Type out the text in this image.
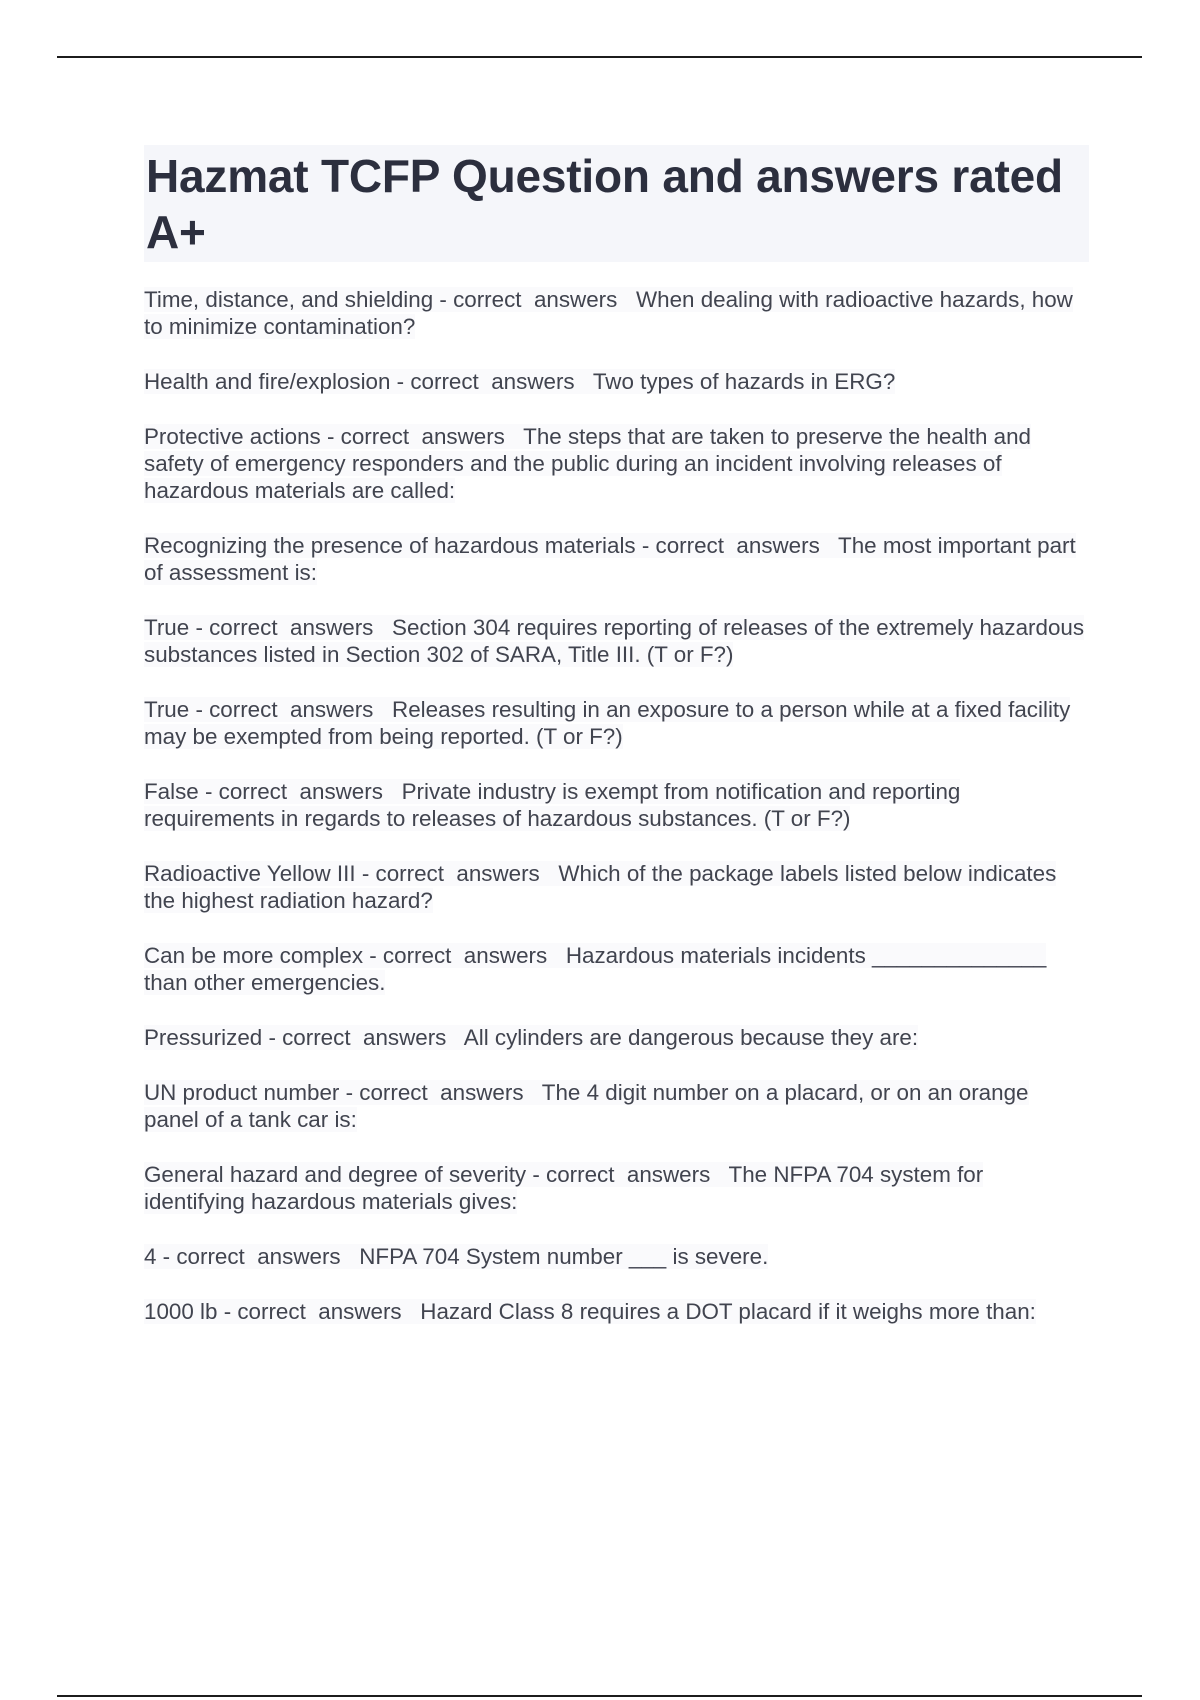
Hazmat TCFP Question and answers rated A+
Time, distance, and shielding - correct  answers   When dealing with radioactive hazards, how to minimize contamination?
Health and fire/explosion - correct  answers   Two types of hazards in ERG?
Protective actions - correct  answers   The steps that are taken to preserve the health and safety of emergency responders and the public during an incident involving releases of hazardous materials are called:
Recognizing the presence of hazardous materials - correct  answers   The most important part of assessment is:
True - correct  answers   Section 304 requires reporting of releases of the extremely hazardous substances listed in Section 302 of SARA, Title III. (T or F?)
True - correct  answers   Releases resulting in an exposure to a person while at a fixed facility may be exempted from being reported. (T or F?)
False - correct  answers   Private industry is exempt from notification and reporting requirements in regards to releases of hazardous substances. (T or F?)
Radioactive Yellow III - correct  answers   Which of the package labels listed below indicates the highest radiation hazard?
Can be more complex - correct  answers   Hazardous materials incidents ______________ than other emergencies.
Pressurized - correct  answers   All cylinders are dangerous because they are:
UN product number - correct  answers   The 4 digit number on a placard, or on an orange panel of a tank car is:
General hazard and degree of severity - correct  answers   The NFPA 704 system for identifying hazardous materials gives:
4 - correct  answers   NFPA 704 System number ___ is severe.
1000 lb - correct  answers   Hazard Class 8 requires a DOT placard if it weighs more than:
